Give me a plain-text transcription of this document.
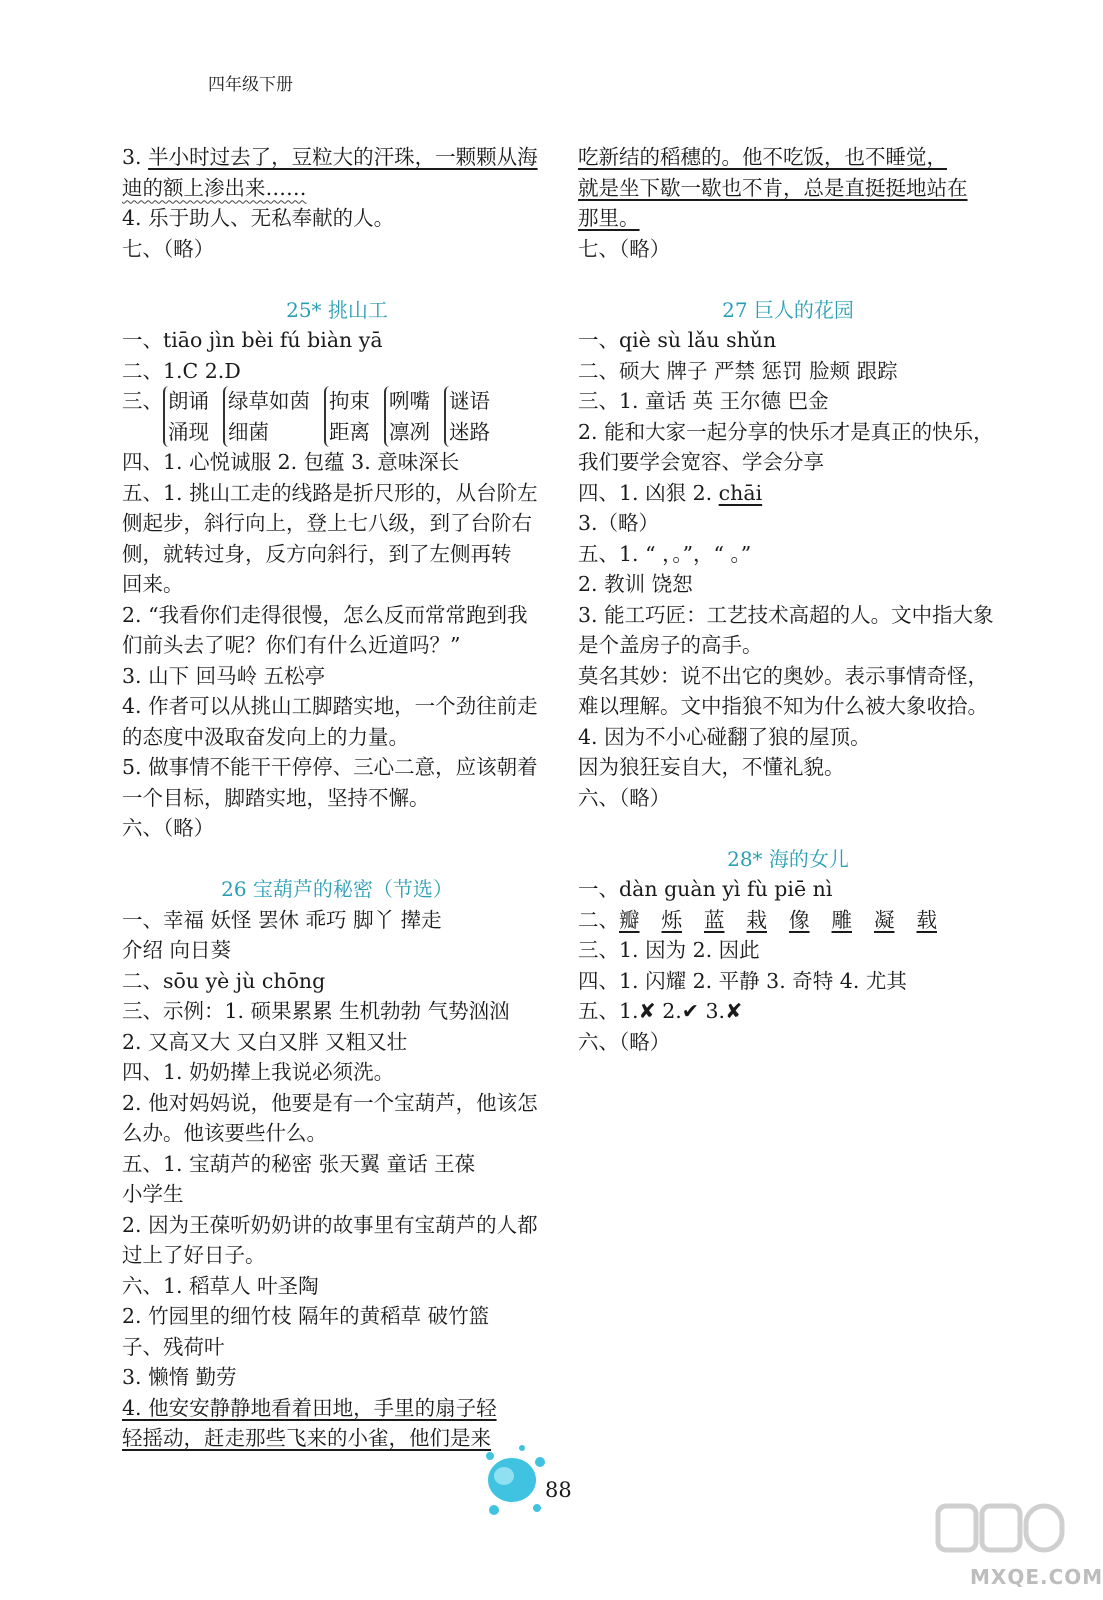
四年级下册
3. 半小时过去了，豆粒大的汗珠，一颗颗从海
迪的额上渗出来……
4. 乐于助人、无私奉献的人。
七、（略）
25* 挑山工
一、tiāo jìn bèi fú biàn yā
二、1.C 2.D
三、 朗诵
涌现
绿草如茵
细菌
拘束
距离
咧嘴
凛冽
谜语
迷路
四、1. 心悦诚服 2. 包蕴 3. 意味深长
五、1. 挑山工走的线路是折尺形的，从台阶左
侧起步，斜行向上，登上七八级，到了台阶右
侧，就转过身，反方向斜行，到了左侧再转
回来。
2. “我看你们走得很慢，怎么反而常常跑到我
们前头去了呢？你们有什么近道吗？”
3. 山下 回马岭 五松亭
4. 作者可以从挑山工脚踏实地，一个劲往前走
的态度中汲取奋发向上的力量。
5. 做事情不能干干停停、三心二意，应该朝着
一个目标，脚踏实地，坚持不懈。
六、（略）
26 宝葫芦的秘密（节选）
一、幸福 妖怪 罢休 乖巧 脚丫 撵走
介绍 向日葵
二、sōu yè jù chōng
三、示例：1. 硕果累累 生机勃勃 气势汹汹
2. 又高又大 又白又胖 又粗又壮
四、1. 奶奶撵上我说必须洗。
2. 他对妈妈说，他要是有一个宝葫芦，他该怎
么办。他该要些什么。
五、1. 宝葫芦的秘密 张天翼 童话 王葆
小学生
2. 因为王葆听奶奶讲的故事里有宝葫芦的人都
过上了好日子。
六、1. 稻草人 叶圣陶
2. 竹园里的细竹枝 隔年的黄稻草 破竹篮
子、残荷叶
3. 懒惰 勤劳
4. 他安安静静地看着田地，手里的扇子轻
轻摇动，赶走那些飞来的小雀，他们是来
吃新结的稻穗的。他不吃饭，也不睡觉，
就是坐下歇一歇也不肯，总是直挺挺地站在
那里。
七、（略）
27 巨人的花园
一、qiè sù lǎu shǔn
二、硕大 牌子 严禁 惩罚 脸颊 跟踪
三、1. 童话 英 王尔德 巴金
2. 能和大家一起分享的快乐才是真正的快乐，
我们要学会宽容、学会分享
四、1. 凶狠 2. chāi
3.（略）
五、1. “ ，。”，“ 。”
2. 教训 饶恕
3. 能工巧匠：工艺技术高超的人。文中指大象
是个盖房子的高手。
莫名其妙：说不出它的奥妙。表示事情奇怪，
难以理解。文中指狼不知为什么被大象收拾。
4. 因为不小心碰翻了狼的屋顶。
因为狼狂妄自大，不懂礼貌。
六、（略）
28* 海的女儿
一、dàn guàn yì fù piē nì
二、瓣 烁 蓝 栽 像 雕 凝 载
三、1. 因为 2. 因此
四、1. 闪耀 2. 平静 3. 奇特 4. 尤其
五、1.✘ 2.✔ 3.✘
六、（略）
88
MXQE.COM
